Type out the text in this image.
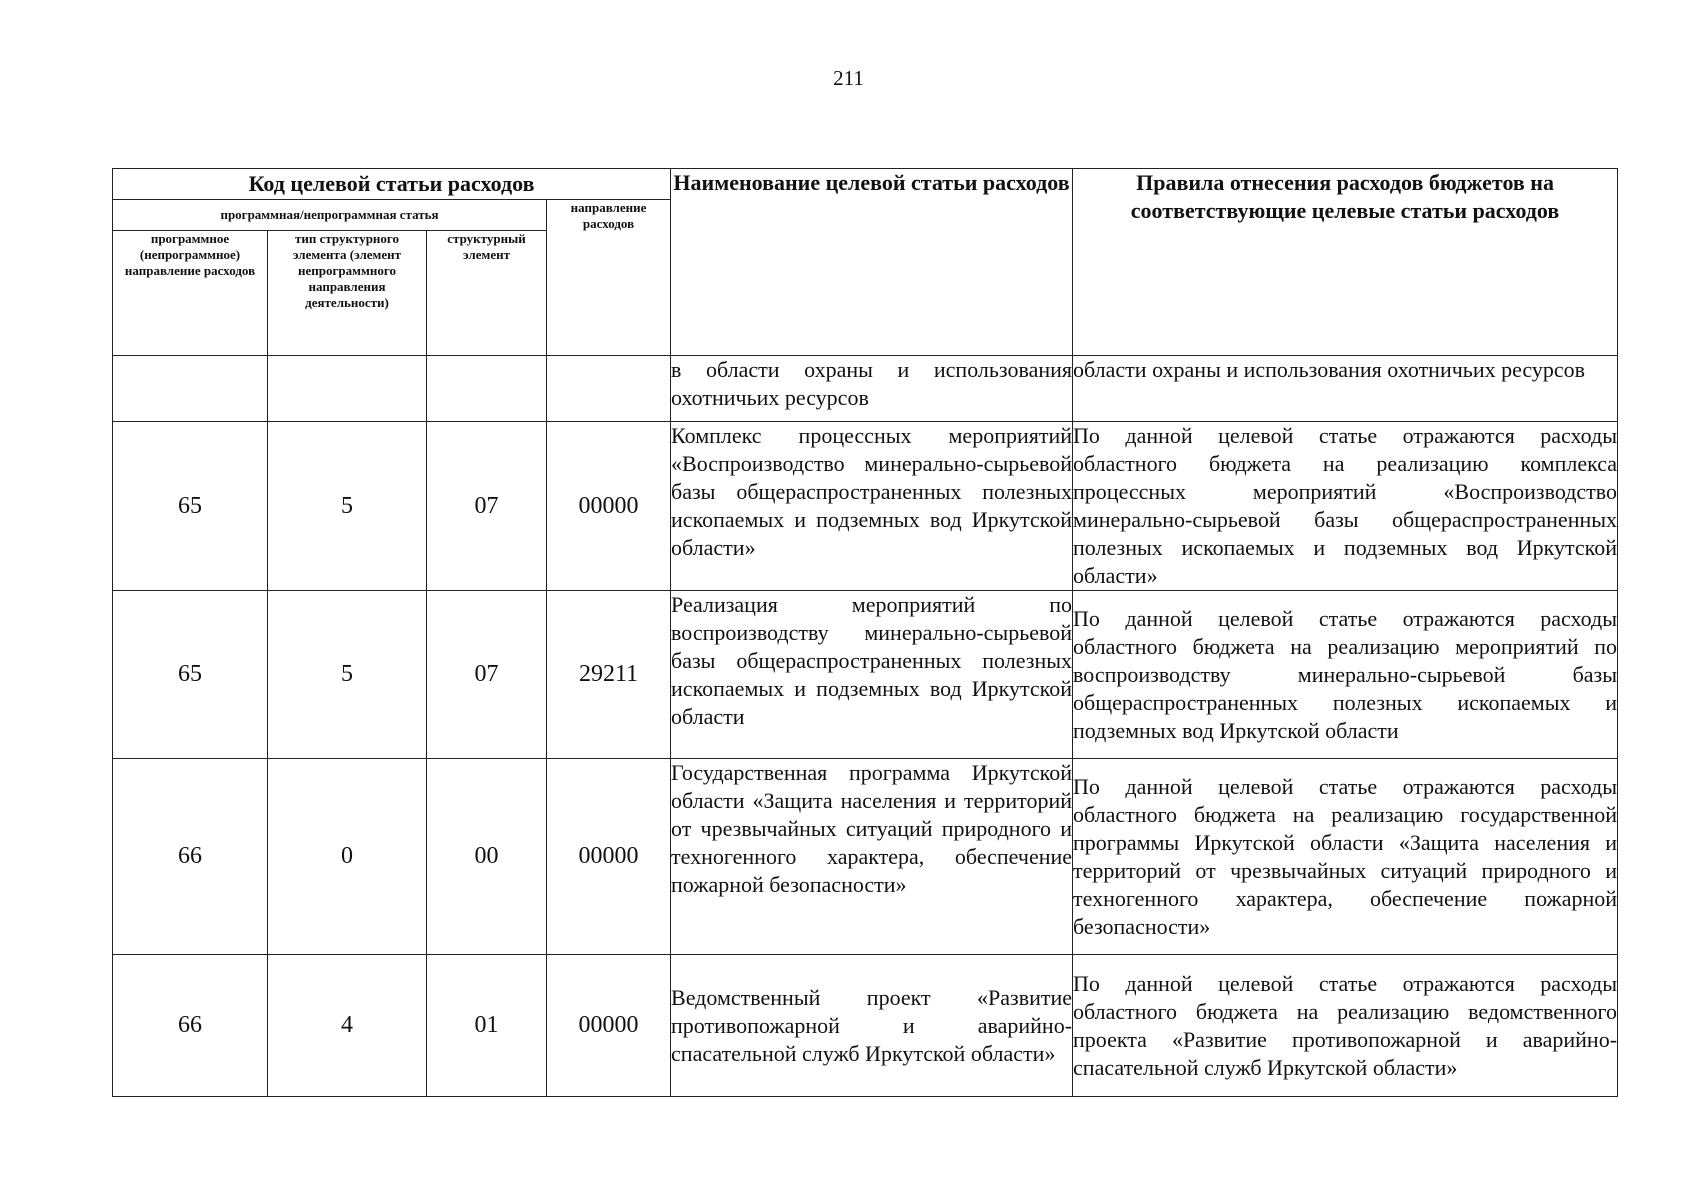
211
Код целевой статьи расходов				Наименование целевой статьи расходов	Правила отнесения расходов бюджетов на соответствующие целевые статьи расходов
программная/непрограммная статья			направление расходов		
программное (непрограммное) направление расходов	тип структурного элемента (элемент непрограммного направления деятельности)	структурный элемент			
				в области охраны и использования охотничьих ресурсов	области охраны и использования охотничьих ресурсов
65	5	07	00000	Комплекс процессных мероприятий «Воспроизводство минерально-сырьевой базы общераспространенных полезных ископаемых и подземных вод Иркутской области»	По данной целевой статье отражаются расходы областного бюджета на реализацию комплекса процессных мероприятий «Воспроизводство минерально-сырьевой базы общераспространенных полезных ископаемых и подземных вод Иркутской области»
65	5	07	29211	Реализация мероприятий по воспроизводству минерально-сырьевой базы общераспространенных полезных ископаемых и подземных вод Иркутской области	По данной целевой статье отражаются расходы областного бюджета на реализацию мероприятий по воспроизводству минерально-сырьевой базы общераспространенных полезных ископаемых и подземных вод Иркутской области
66	0	00	00000	Государственная программа Иркутской области «Защита населения и территорий от чрезвычайных ситуаций природного и техногенного характера, обеспечение пожарной безопасности»	По данной целевой статье отражаются расходы областного бюджета на реализацию государственной программы Иркутской области «Защита населения и территорий от чрезвычайных ситуаций природного и техногенного характера, обеспечение пожарной безопасности»
66	4	01	00000	Ведомственный проект «Развитие противопожарной и аварийно-спасательной служб Иркутской области»	По данной целевой статье отражаются расходы областного бюджета на реализацию ведомственного проекта «Развитие противопожарной и аварийно-спасательной служб Иркутской области»
